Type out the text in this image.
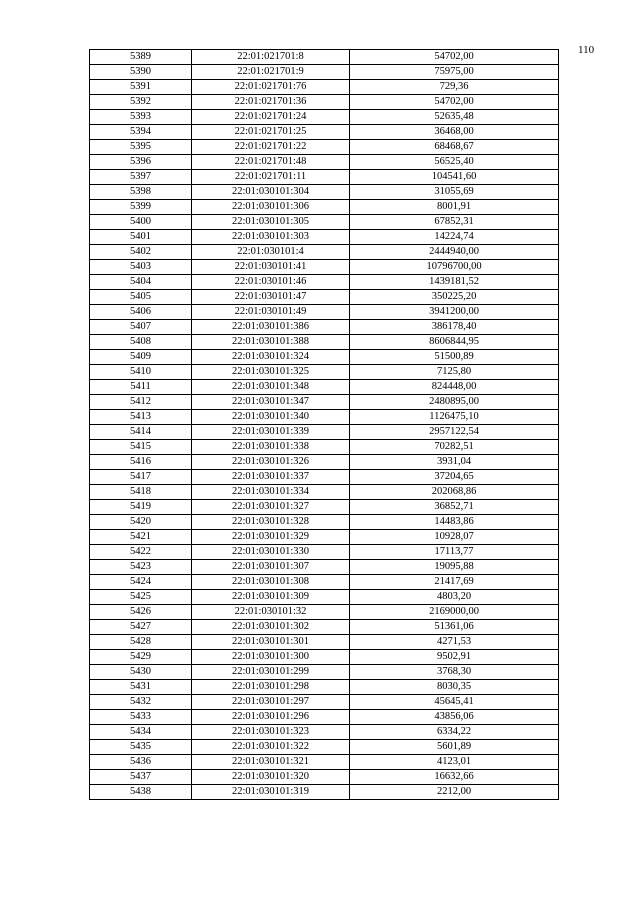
110
5389	22:01:021701:8	54702,00
5390	22:01:021701:9	75975,00
5391	22:01:021701:76	729,36
5392	22:01:021701:36	54702,00
5393	22:01:021701:24	52635,48
5394	22:01:021701:25	36468,00
5395	22:01:021701:22	68468,67
5396	22:01:021701:48	56525,40
5397	22:01:021701:11	104541,60
5398	22:01:030101:304	31055,69
5399	22:01:030101:306	8001,91
5400	22:01:030101:305	67852,31
5401	22:01:030101:303	14224,74
5402	22:01:030101:4	2444940,00
5403	22:01:030101:41	10796700,00
5404	22:01:030101:46	1439181,52
5405	22:01:030101:47	350225,20
5406	22:01:030101:49	3941200,00
5407	22:01:030101:386	386178,40
5408	22:01:030101:388	8606844,95
5409	22:01:030101:324	51500,89
5410	22:01:030101:325	7125,80
5411	22:01:030101:348	824448,00
5412	22:01:030101:347	2480895,00
5413	22:01:030101:340	1126475,10
5414	22:01:030101:339	2957122,54
5415	22:01:030101:338	70282,51
5416	22:01:030101:326	3931,04
5417	22:01:030101:337	37204,65
5418	22:01:030101:334	202068,86
5419	22:01:030101:327	36852,71
5420	22:01:030101:328	14483,86
5421	22:01:030101:329	10928,07
5422	22:01:030101:330	17113,77
5423	22:01:030101:307	19095,88
5424	22:01:030101:308	21417,69
5425	22:01:030101:309	4803,20
5426	22:01:030101:32	2169000,00
5427	22:01:030101:302	51361,06
5428	22:01:030101:301	4271,53
5429	22:01:030101:300	9502,91
5430	22:01:030101:299	3768,30
5431	22:01:030101:298	8030,35
5432	22:01:030101:297	45645,41
5433	22:01:030101:296	43856,06
5434	22:01:030101:323	6334,22
5435	22:01:030101:322	5601,89
5436	22:01:030101:321	4123,01
5437	22:01:030101:320	16632,66
5438	22:01:030101:319	2212,00
